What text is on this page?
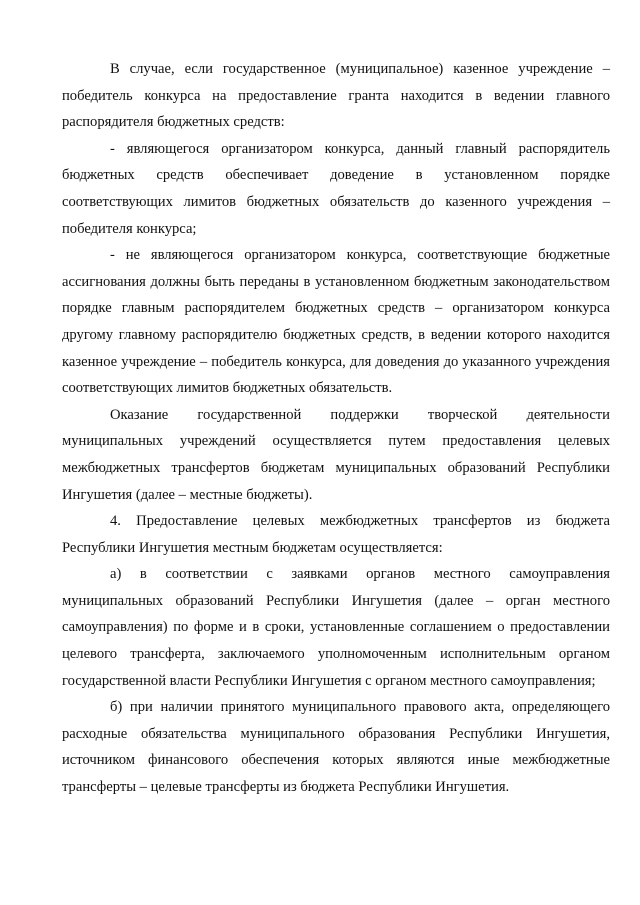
В случае, если государственное (муниципальное) казенное учреждение – победитель конкурса на предоставление гранта находится в ведении главного распорядителя бюджетных средств:

- являющегося организатором конкурса, данный главный распорядитель бюджетных средств обеспечивает доведение в установленном порядке соответствующих лимитов бюджетных обязательств до казенного учреждения – победителя конкурса;

- не являющегося организатором конкурса, соответствующие бюджетные ассигнования должны быть переданы в установленном бюджетным законодательством порядке главным распорядителем бюджетных средств – организатором конкурса другому главному распорядителю бюджетных средств, в ведении которого находится казенное учреждение – победитель конкурса, для доведения до указанного учреждения соответствующих лимитов бюджетных обязательств.

Оказание государственной поддержки творческой деятельности муниципальных учреждений осуществляется путем предоставления целевых межбюджетных трансфертов бюджетам муниципальных образований Республики Ингушетия (далее – местные бюджеты).

4. Предоставление целевых межбюджетных трансфертов из бюджета Республики Ингушетия местным бюджетам осуществляется:

а) в соответствии с заявками органов местного самоуправления муниципальных образований Республики Ингушетия (далее – орган местного самоуправления) по форме и в сроки, установленные соглашением о предоставлении целевого трансферта, заключаемого уполномоченным исполнительным органом государственной власти Республики Ингушетия с органом местного самоуправления;

б) при наличии принятого муниципального правового акта, определяющего расходные обязательства муниципального образования Республики Ингушетия, источником финансового обеспечения которых являются иные межбюджетные трансферты – целевые трансферты из бюджета Республики Ингушетия.
